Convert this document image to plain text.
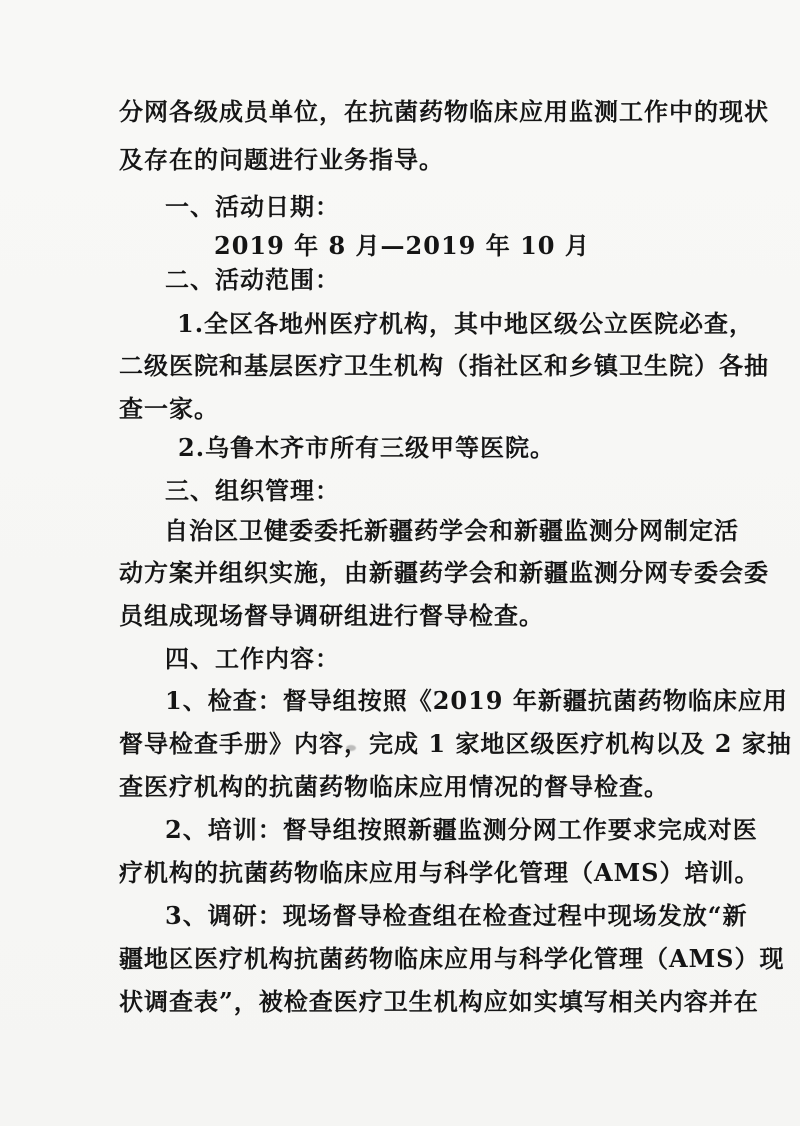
分网各级成员单位，在抗菌药物临床应用监测工作中的现状
及存在的问题进行业务指导。
一、活动日期：
2019 年 8 月—2019 年 10 月
二、活动范围：
1.全区各地州医疗机构，其中地区级公立医院必查，
二级医院和基层医疗卫生机构（指社区和乡镇卫生院）各抽
查一家。
2.乌鲁木齐市所有三级甲等医院。
三、组织管理：
自治区卫健委委托新疆药学会和新疆监测分网制定活
动方案并组织实施，由新疆药学会和新疆监测分网专委会委
员组成现场督导调研组进行督导检查。
四、工作内容：
1、检查：督导组按照《2019 年新疆抗菌药物临床应用
督导检查手册》内容，完成 1 家地区级医疗机构以及 2 家抽
查医疗机构的抗菌药物临床应用情况的督导检查。
2、培训：督导组按照新疆监测分网工作要求完成对医
疗机构的抗菌药物临床应用与科学化管理（AMS）培训。
3、调研：现场督导检查组在检查过程中现场发放“新
疆地区医疗机构抗菌药物临床应用与科学化管理（AMS）现
状调查表”，被检查医疗卫生机构应如实填写相关内容并在
